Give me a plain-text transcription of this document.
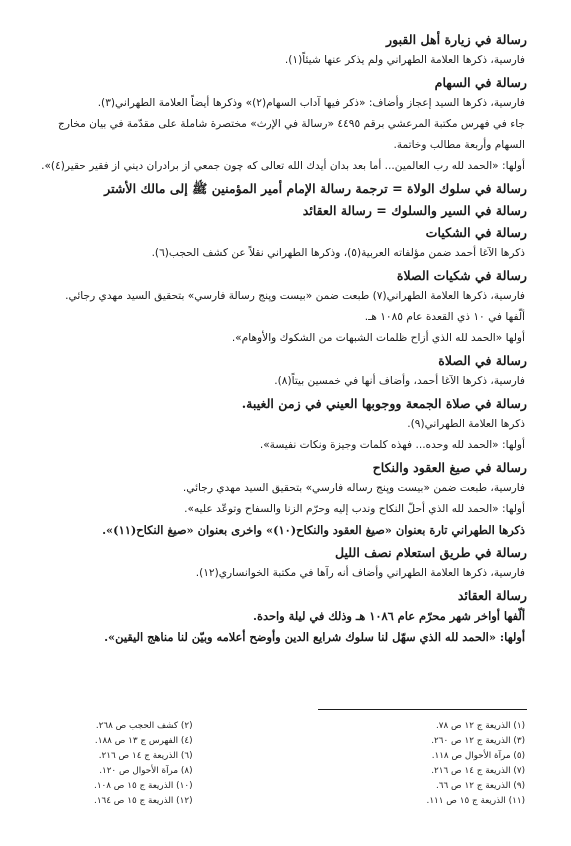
رسالة في زيارة أهل القبور
فارسية، ذكرها العلامة الطهراني ولم يذكر عنها شيئاً(١).
رسالة في السهام
فارسية، ذكرها السيد إعجاز وأضاف: «ذكر فيها آداب السهام(٢)» وذكرها أيضاً العلامة الطهراني(٣).
جاء في فهرس مكتبة المرعشي برقم ٤٤٩٥ «رسالة في الإرث» مختصرة شاملة على مقدّمة في بيان مخارج
السهام وأربعة مطالب وخاتمة.
أولها: «الحمد لله رب العالمين... أما بعد بدان أيدك الله تعالى كه چون جمعي از برادران ديني از فقير حقير(٤)».
رسالة في سلوك الولاة = ترجمة رسالة الإمام أمير المؤمنين ﷺ إلى مالك الأشتر
رسالة في السير والسلوك = رسالة العقائد
رسالة في الشكيات
ذكرها الآغا أحمد ضمن مؤلفاته العربية(٥)، وذكرها الطهراني نقلاً عن كشف الحجب(٦).
رسالة في شكيات الصلاة
فارسية، ذكرها العلامة الطهراني(٧) طبعت ضمن «بيست وپنج رسالة فارسي» بتحقيق السيد مهدي رجائي.
ألّفها في ١٠ ذي القعدة عام ١٠٨٥ هـ.
أولها «الحمد لله الذي أزاح ظلمات الشبهات من الشكوك والأوهام».
رسالة في الصلاة
فارسية، ذكرها الآغا أحمد، وأضاف أنها في خمسين بيتاً(٨).
رسالة في صلاة الجمعة ووجوبها العيني في زمن الغيبة.
ذكرها العلامة الطهراني(٩).
أولها: «الحمد لله وحده... فهذه كلمات وجيزة ونكات نفيسة».
رسالة في صيغ العقود والنكاح
فارسية، طبعت ضمن «بيست وپنج رساله فارسي» بتحقيق السيد مهدي رجائي.
أولها: «الحمد لله الذي أحلّ النكاح وندب إليه وحرّم الزنا والسفاح وتوعّد عليه».
ذكرها الطهراني تارة بعنوان «صيغ العقود والنكاح(١٠)» واخرى بعنوان «صيغ النكاح(١١)».
رسالة في طريق استعلام نصف الليل
فارسية، ذكرها العلامة الطهراني وأضاف أنه رآها في مكتبة الخوانساري(١٢).
رسالة العقائد
ألّفها أواخر شهر محرّم عام ١٠٨٦ هـ وذلك في ليلة واحدة.
أولها: «الحمد لله الذي سهّل لنا سلوك شرايع الدين وأوضح أعلامه وبيّن لنا مناهج اليقين».
(١) الذريعة ج ١٢ ص ٧٨.
(٢) كشف الحجب ص ٢٦٨.
(٣) الذريعة ج ١٢ ص ٢٦٠.
(٤) الفهرس ج ١٣ ص ١٨٨.
(٥) مرآة الأحوال ص ١١٨.
(٦) الذريعة ج ١٤ ص ٢١٦.
(٧) الذريعة ج ١٤ ص ٢١٦.
(٨) مرآة الأحوال ص ١٢٠.
(٩) الذريعة ج ١٢ ص ٦٦.
(١٠) الذريعة ج ١٥ ص ١٠٨.
(١١) الذريعة ج ١٥ ص ١١١.
(١٢) الذريعة ج ١٥ ص ١٦٤.
